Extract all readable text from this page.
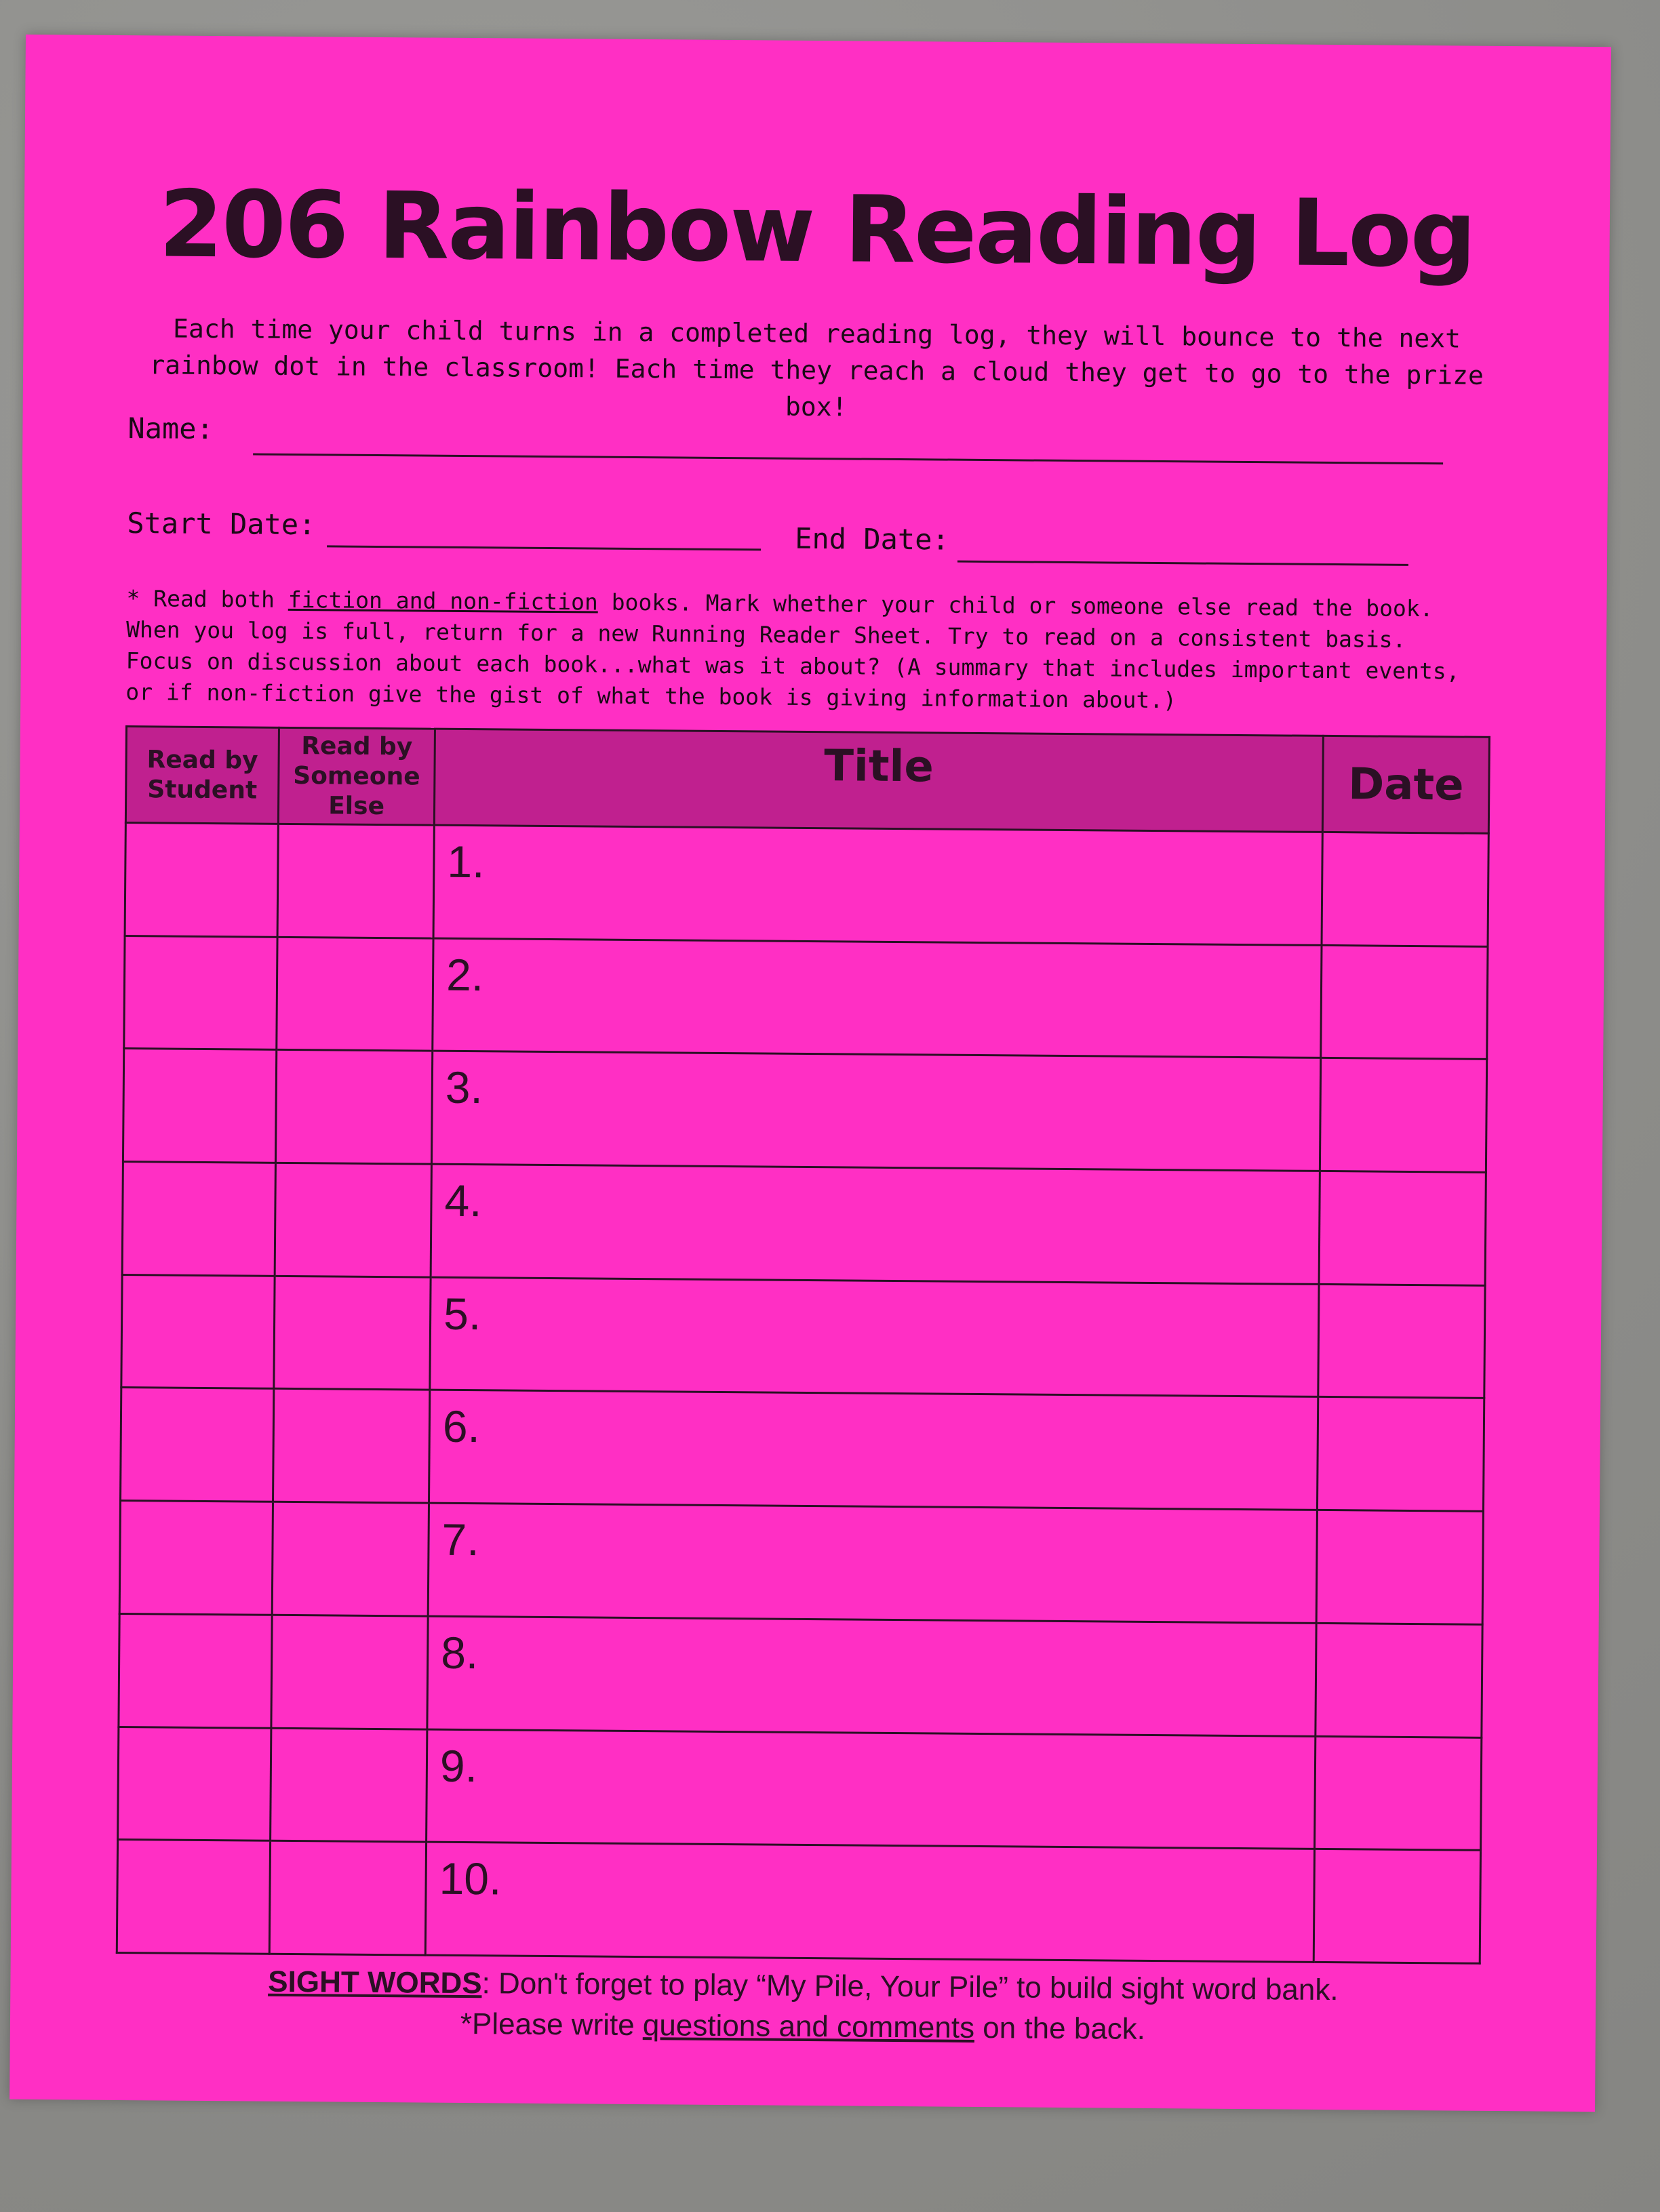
206 Rainbow Reading Log

Each time your child turns in a completed reading log, they will bounce to the next rainbow dot in the classroom! Each time they reach a cloud they get to go to the prize box!

Name:
Start Date:	End Date:

* Read both fiction and non-fiction books. Mark whether your child or someone else read the book. When you log is full, return for a new Running Reader Sheet. Try to read on a consistent basis. Focus on discussion about each book...what was it about? (A summary that includes important events, or if non-fiction give the gist of what the book is giving information about.)

Read by Student	Read by Someone Else	Title	Date
		1.	
		2.	
		3.	
		4.	
		5.	
		6.	
		7.	
		8.	
		9.	
		10.	

SIGHT WORDS: Don't forget to play “My Pile, Your Pile” to build sight word bank.
*Please write questions and comments on the back.
